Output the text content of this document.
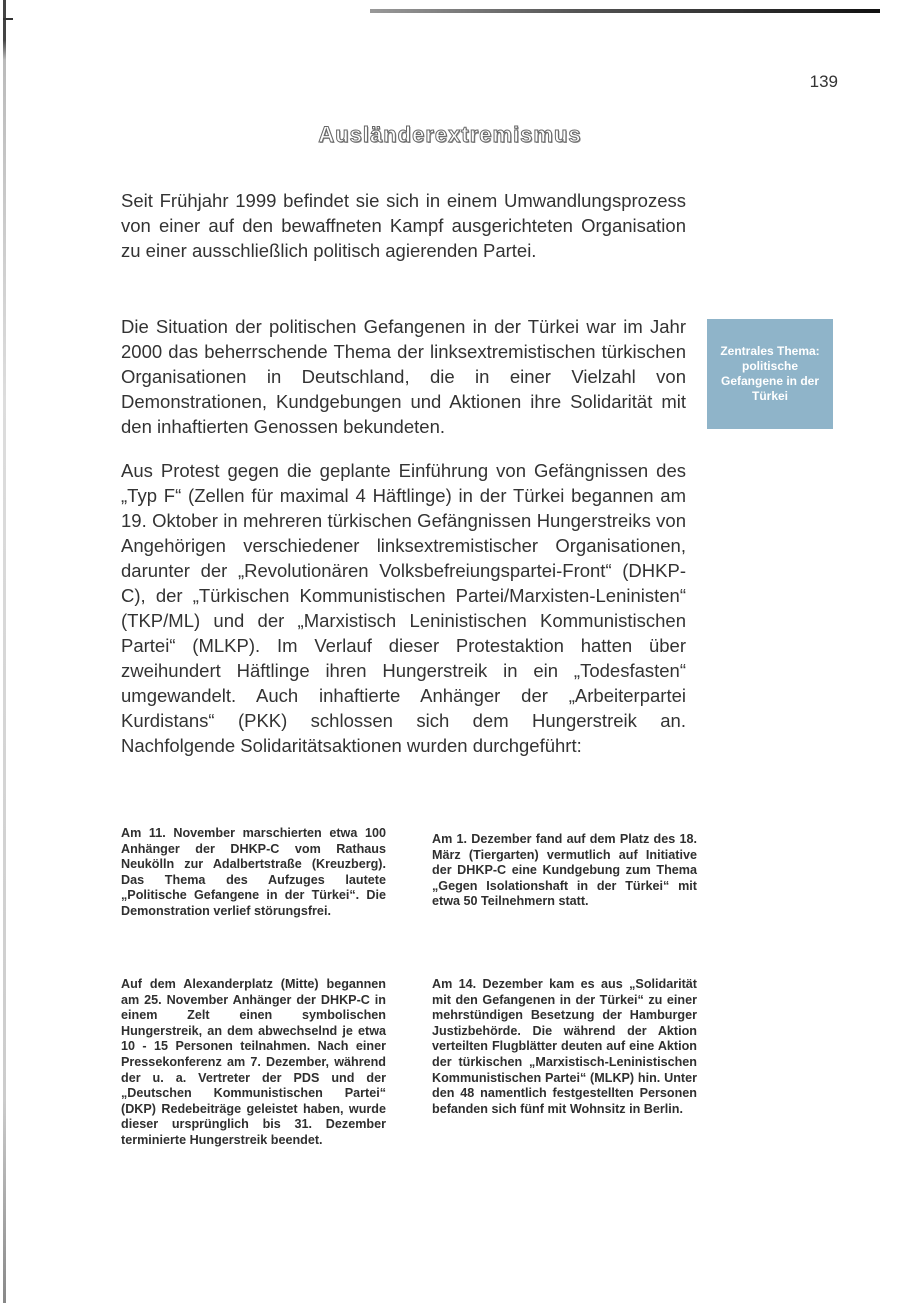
139
Ausländerextremismus

Seit Frühjahr 1999 befindet sie sich in einem Umwandlungsprozess von einer auf den bewaffneten Kampf ausgerichteten Organisation zu einer ausschließlich politisch agierenden Partei.

Die Situation der politischen Gefangenen in der Türkei war im Jahr 2000 das beherrschende Thema der linksextremistischen türkischen Organisationen in Deutschland, die in einer Vielzahl von Demonstrationen, Kundgebungen und Aktionen ihre Solidarität mit den inhaftierten Genossen bekundeten.

Aus Protest gegen die geplante Einführung von Gefängnissen des „Typ F“ (Zellen für maximal 4 Häftlinge) in der Türkei begannen am 19. Oktober in mehreren türkischen Gefängnissen Hungerstreiks von Angehörigen verschiedener linksextremistischer Organisationen, darunter der „Revolutionären Volksbefreiungspartei-Front“ (DHKP-C), der „Türkischen Kommunistischen Partei/Marxisten-Leninisten“ (TKP/ML) und der „Marxistisch Leninistischen Kommunistischen Partei“ (MLKP). Im Verlauf dieser Protestaktion hatten über zweihundert Häftlinge ihren Hungerstreik in ein „Todesfasten“ umgewandelt. Auch inhaftierte Anhänger der „Arbeiterpartei Kurdistans“ (PKK) schlossen sich dem Hungerstreik an. Nachfolgende Solidaritätsaktionen wurden durchgeführt:

Zentrales Thema: politische Gefangene in der Türkei

Am 11. November marschierten etwa 100 Anhänger der DHKP-C vom Rathaus Neukölln zur Adalbertstraße (Kreuzberg). Das Thema des Aufzuges lautete „Politische Gefangene in der Türkei“. Die Demonstration verlief störungsfrei.

Auf dem Alexanderplatz (Mitte) begannen am 25. November Anhänger der DHKP-C in einem Zelt einen symbolischen Hungerstreik, an dem abwechselnd je etwa 10 - 15 Personen teilnahmen. Nach einer Pressekonferenz am 7. Dezember, während der u. a. Vertreter der PDS und der „Deutschen Kommunistischen Partei“ (DKP) Redebeiträge geleistet haben, wurde dieser ursprünglich bis 31. Dezember terminierte Hungerstreik beendet.

Am 1. Dezember fand auf dem Platz des 18. März (Tiergarten) vermutlich auf Initiative der DHKP-C eine Kundgebung zum Thema „Gegen Isolationshaft in der Türkei“ mit etwa 50 Teilnehmern statt.

Am 14. Dezember kam es aus „Solidarität mit den Gefangenen in der Türkei“ zu einer mehrstündigen Besetzung der Hamburger Justizbehörde. Die während der Aktion verteilten Flugblätter deuten auf eine Aktion der türkischen „Marxistisch-Leninistischen Kommunistischen Partei“ (MLKP) hin. Unter den 48 namentlich festgestellten Personen befanden sich fünf mit Wohnsitz in Berlin.
